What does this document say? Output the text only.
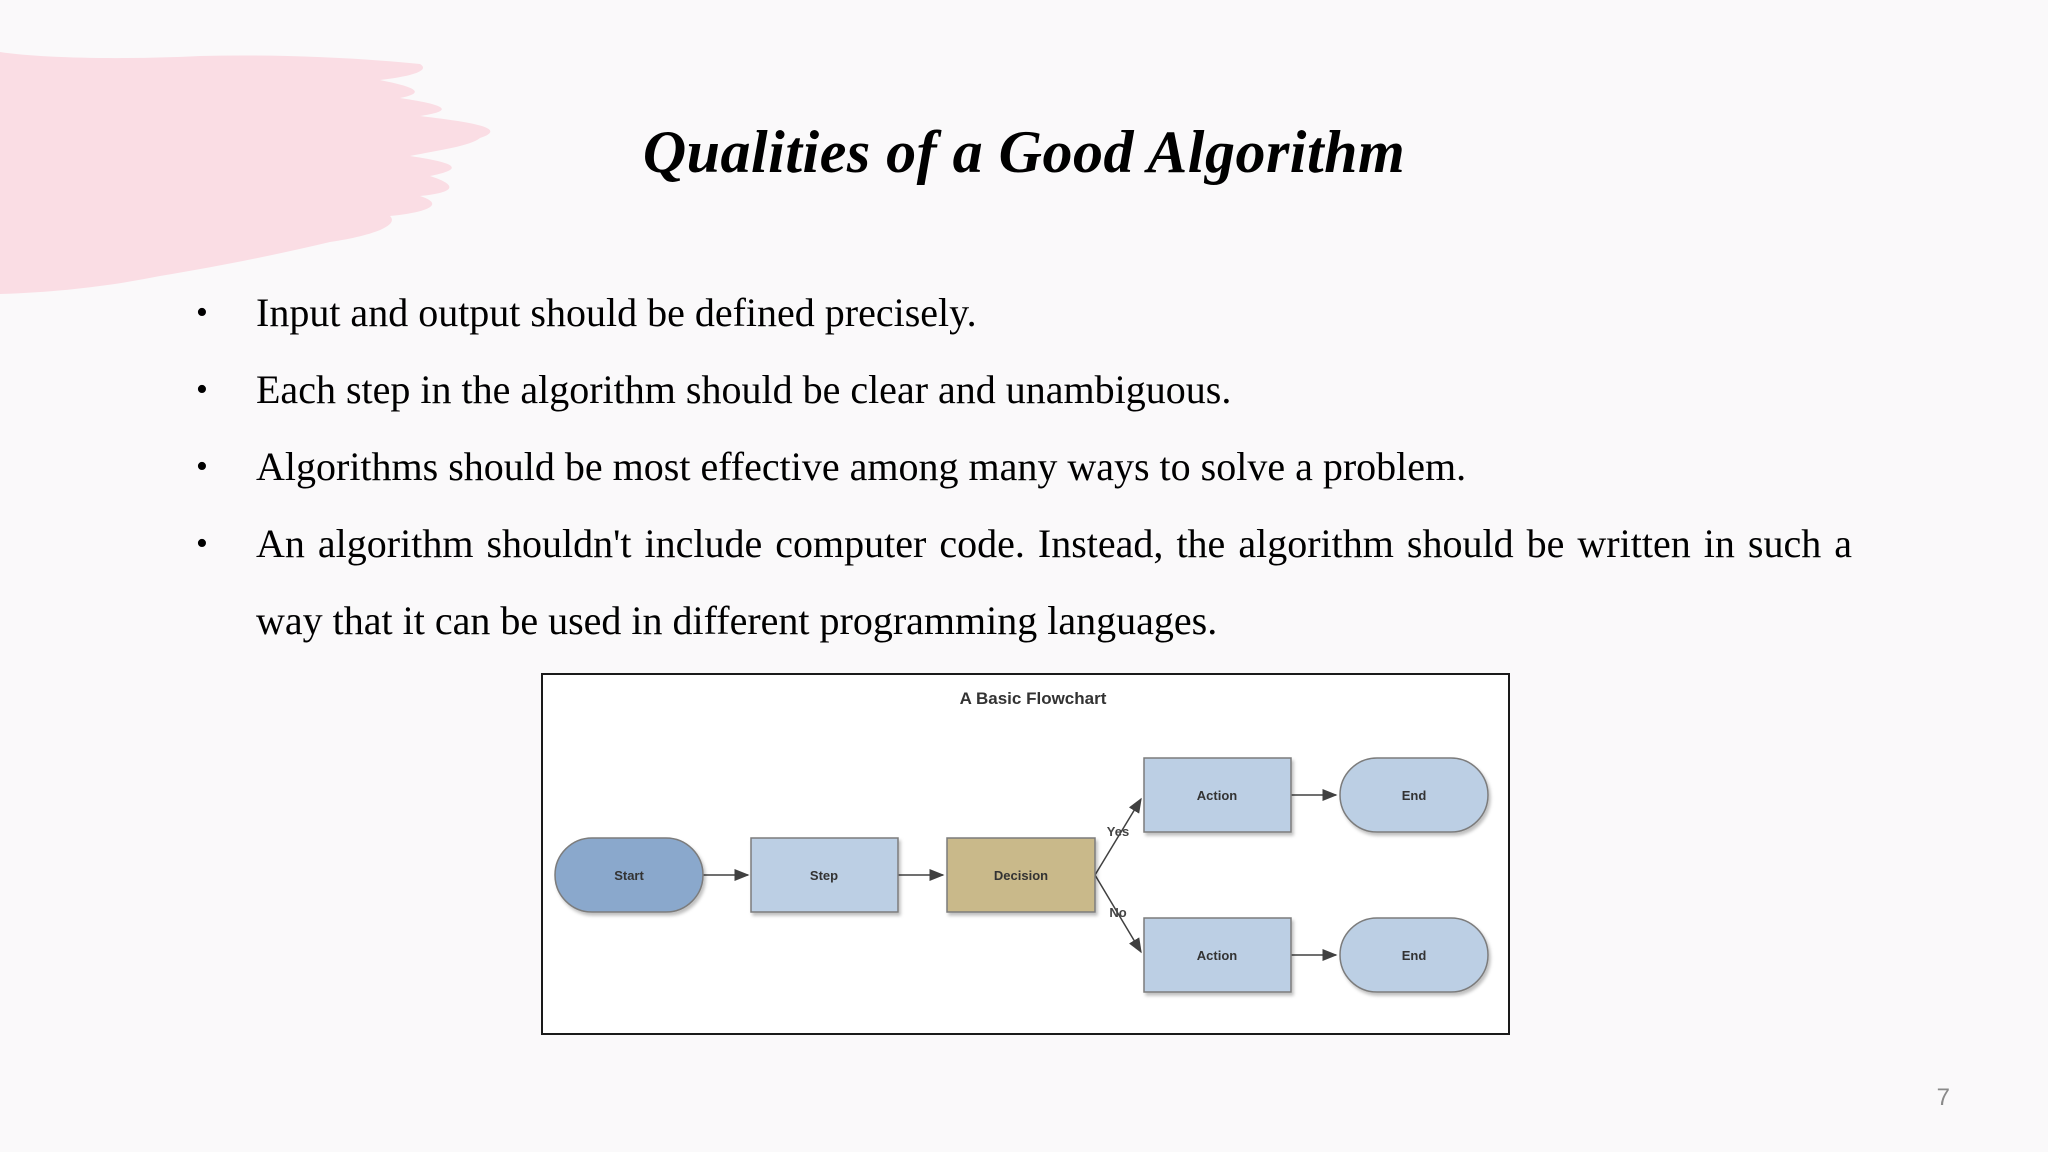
Qualities of a Good Algorithm
• Input and output should be defined precisely.
• Each step in the algorithm should be clear and unambiguous.
• Algorithms should be most effective among many ways to solve a problem.
• An algorithm shouldn't include computer code. Instead, the algorithm should be written in such a way that it can be used in different programming languages.
A Basic Flowchart
Yes
No
Start	Step	Decision
Action	End
Action	End
7
